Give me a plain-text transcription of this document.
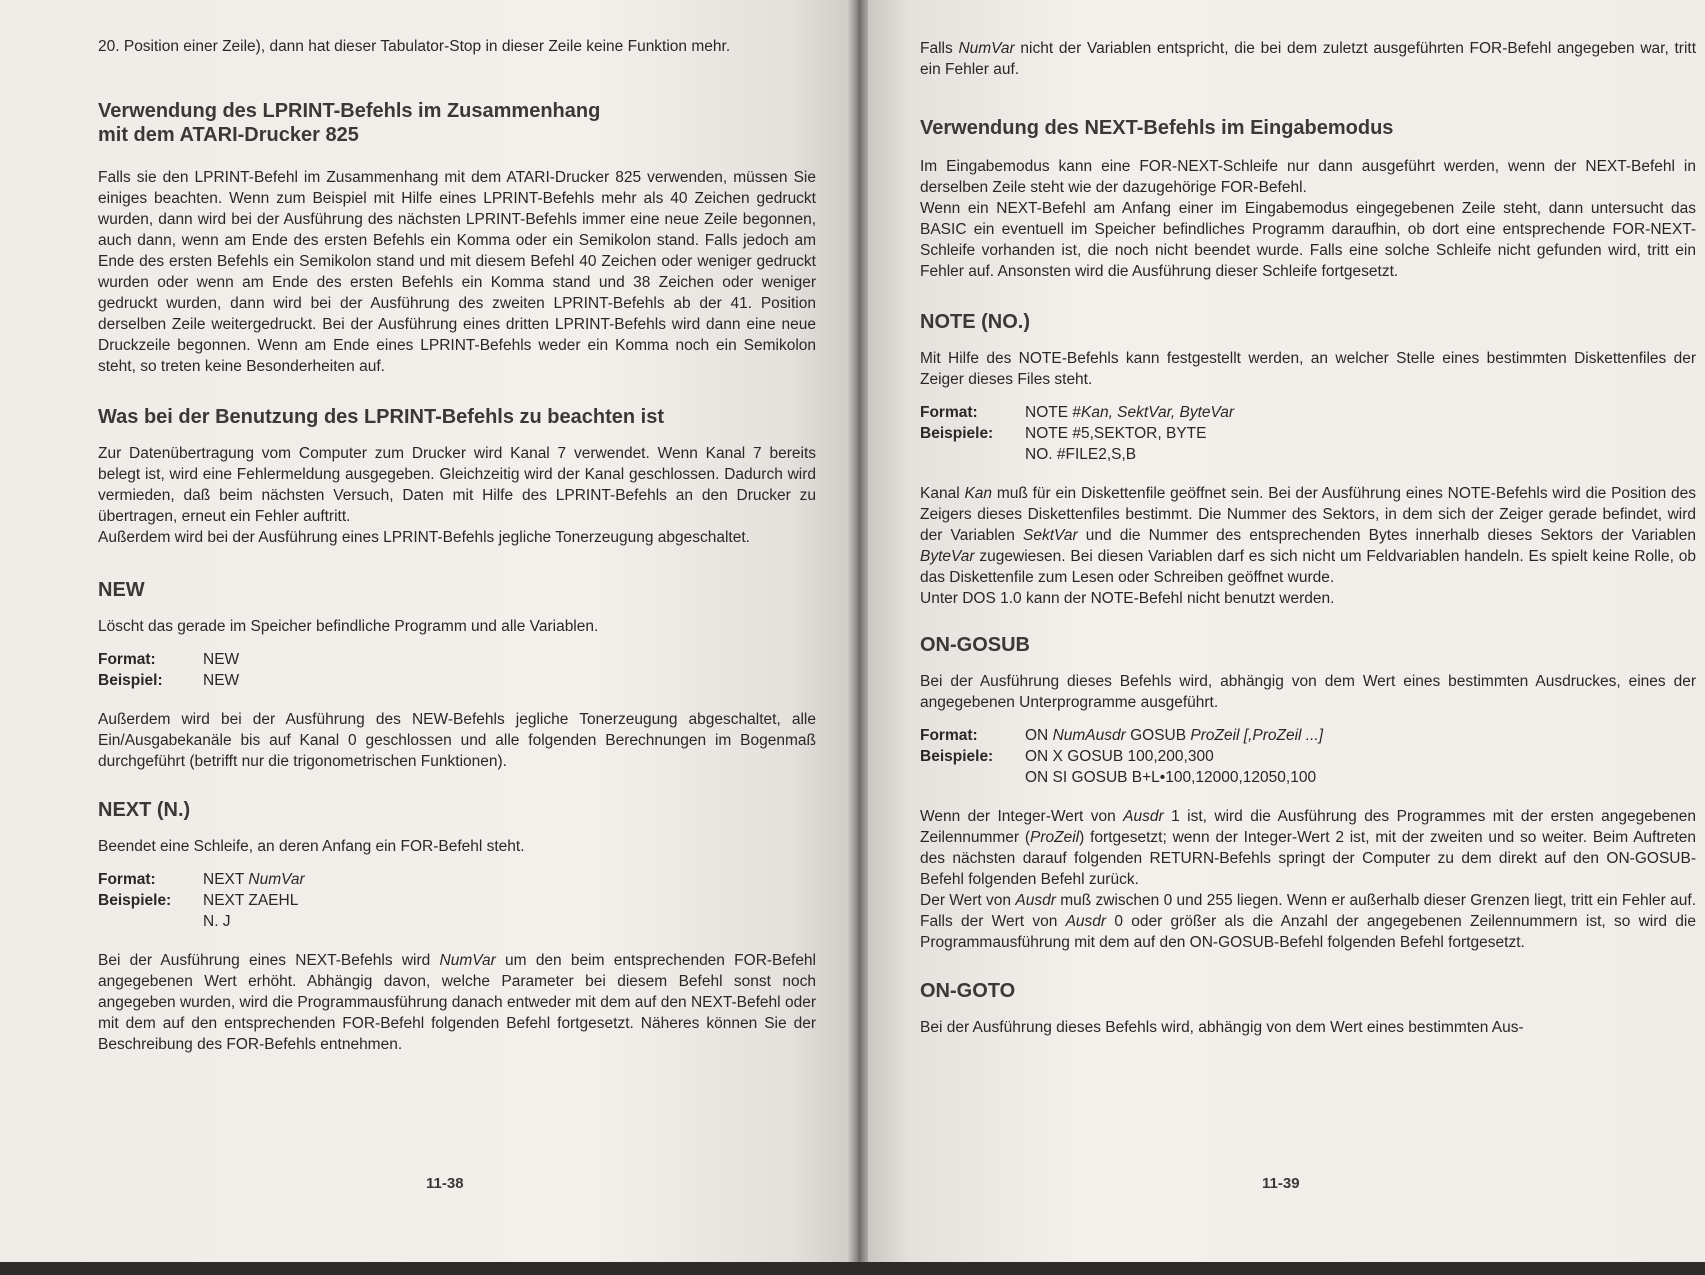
20. Position einer Zeile), dann hat dieser Tabulator-Stop in dieser Zeile keine Funktion mehr.

Verwendung des LPRINT-Befehls im Zusammenhang
mit dem ATARI-Drucker 825

Falls sie den LPRINT-Befehl im Zusammenhang mit dem ATARI-Drucker 825 verwenden, müssen Sie einiges beachten. Wenn zum Beispiel mit Hilfe eines LPRINT-Befehls mehr als 40 Zeichen gedruckt wurden, dann wird bei der Ausführung des nächsten LPRINT-Befehls immer eine neue Zeile begonnen, auch dann, wenn am Ende des ersten Befehls ein Komma oder ein Semikolon stand. Falls jedoch am Ende des ersten Befehls ein Semikolon stand und mit diesem Befehl 40 Zeichen oder weniger gedruckt wurden oder wenn am Ende des ersten Befehls ein Komma stand und 38 Zeichen oder weniger gedruckt wurden, dann wird bei der Ausführung des zweiten LPRINT-Befehls ab der 41. Position derselben Zeile weitergedruckt. Bei der Ausführung eines dritten LPRINT-Befehls wird dann eine neue Druckzeile begonnen. Wenn am Ende eines LPRINT-Befehls weder ein Komma noch ein Semikolon steht, so treten keine Besonderheiten auf.

Was bei der Benutzung des LPRINT-Befehls zu beachten ist

Zur Datenübertragung vom Computer zum Drucker wird Kanal 7 verwendet. Wenn Kanal 7 bereits belegt ist, wird eine Fehlermeldung ausgegeben. Gleichzeitig wird der Kanal geschlossen. Dadurch wird vermieden, daß beim nächsten Versuch, Daten mit Hilfe des LPRINT-Befehls an den Drucker zu übertragen, erneut ein Fehler auftritt.

Außerdem wird bei der Ausführung eines LPRINT-Befehls jegliche Tonerzeugung abgeschaltet.

NEW

Löscht das gerade im Speicher befindliche Programm und alle Variablen.

Format:	NEW
Beispiel:	NEW

Außerdem wird bei der Ausführung des NEW-Befehls jegliche Tonerzeugung abgeschaltet, alle Ein/Ausgabekanäle bis auf Kanal 0 geschlossen und alle folgenden Berechnungen im Bogenmaß durchgeführt (betrifft nur die trigonometrischen Funktionen).

NEXT (N.)

Beendet eine Schleife, an deren Anfang ein FOR-Befehl steht.

Format:	NEXT NumVar
Beispiele:	NEXT ZAEHL
N. J

Bei der Ausführung eines NEXT-Befehls wird NumVar um den beim entsprechenden FOR-Befehl angegebenen Wert erhöht. Abhängig davon, welche Parameter bei diesem Befehl sonst noch angegeben wurden, wird die Programmausführung danach entweder mit dem auf den NEXT-Befehl oder mit dem auf den entsprechenden FOR-Befehl folgenden Befehl fortgesetzt. Näheres können Sie der Beschreibung des FOR-Befehls entnehmen.

11-38

Falls NumVar nicht der Variablen entspricht, die bei dem zuletzt ausgeführten FOR-Befehl angegeben war, tritt ein Fehler auf.

Verwendung des NEXT-Befehls im Eingabemodus

Im Eingabemodus kann eine FOR-NEXT-Schleife nur dann ausgeführt werden, wenn der NEXT-Befehl in derselben Zeile steht wie der dazugehörige FOR-Befehl.

Wenn ein NEXT-Befehl am Anfang einer im Eingabemodus eingegebenen Zeile steht, dann untersucht das BASIC ein eventuell im Speicher befindliches Programm daraufhin, ob dort eine entsprechende FOR-NEXT-Schleife vorhanden ist, die noch nicht beendet wurde. Falls eine solche Schleife nicht gefunden wird, tritt ein Fehler auf. Ansonsten wird die Ausführung dieser Schleife fortgesetzt.

NOTE (NO.)

Mit Hilfe des NOTE-Befehls kann festgestellt werden, an welcher Stelle eines bestimmten Diskettenfiles der Zeiger dieses Files steht.

Format:	NOTE #Kan, SektVar, ByteVar
Beispiele:	NOTE #5,SEKTOR, BYTE
NO. #FILE2,S,B

Kanal Kan muß für ein Diskettenfile geöffnet sein. Bei der Ausführung eines NOTE-Befehls wird die Position des Zeigers dieses Diskettenfiles bestimmt. Die Nummer des Sektors, in dem sich der Zeiger gerade befindet, wird der Variablen SektVar und die Nummer des entsprechenden Bytes innerhalb dieses Sektors der Variablen ByteVar zugewiesen. Bei diesen Variablen darf es sich nicht um Feldvariablen handeln. Es spielt keine Rolle, ob das Diskettenfile zum Lesen oder Schreiben geöffnet wurde.

Unter DOS 1.0 kann der NOTE-Befehl nicht benutzt werden.

ON-GOSUB

Bei der Ausführung dieses Befehls wird, abhängig von dem Wert eines bestimmten Ausdruckes, eines der angegebenen Unterprogramme ausgeführt.

Format:	ON NumAusdr GOSUB ProZeil [,ProZeil ...]
Beispiele:	ON X GOSUB 100,200,300
ON SI GOSUB B+L•100,12000,12050,100

Wenn der Integer-Wert von Ausdr 1 ist, wird die Ausführung des Programmes mit der ersten angegebenen Zeilennummer (ProZeil) fortgesetzt; wenn der Integer-Wert 2 ist, mit der zweiten und so weiter. Beim Auftreten des nächsten darauf folgenden RETURN-Befehls springt der Computer zu dem direkt auf den ON-GOSUB-Befehl folgenden Befehl zurück.

Der Wert von Ausdr muß zwischen 0 und 255 liegen. Wenn er außerhalb dieser Grenzen liegt, tritt ein Fehler auf. Falls der Wert von Ausdr 0 oder größer als die Anzahl der angegebenen Zeilennummern ist, so wird die Programmausführung mit dem auf den ON-GOSUB-Befehl folgenden Befehl fortgesetzt.

ON-GOTO

Bei der Ausführung dieses Befehls wird, abhängig von dem Wert eines bestimmten Aus-

11-39
